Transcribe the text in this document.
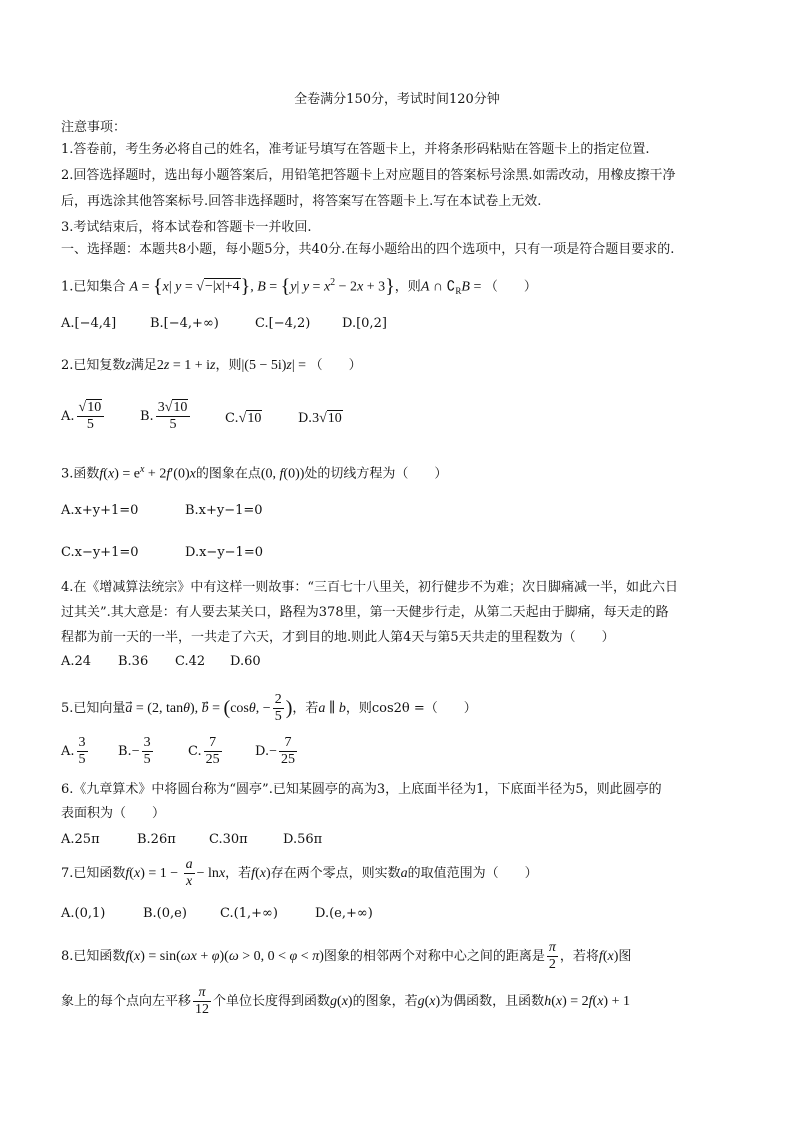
全卷满分150分，考试时间120分钟
注意事项：
1.答卷前，考生务必将自己的姓名，准考证号填写在答题卡上，并将条形码粘贴在答题卡上的指定位置.
2.回答选择题时，选出每小题答案后，用铅笔把答题卡上对应题目的答案标号涂黑.如需改动，用橡皮擦干净
后，再选涂其他答案标号.回答非选择题时，将答案写在答题卡上.写在本试卷上无效.
3.考试结束后，将本试卷和答题卡一并收回.
一、选择题：本题共8小题，每小题5分，共40分.在每小题给出的四个选项中，只有一项是符合题目要求的.
1.已知集合 A = {x| y = √−|x|+4}, B = {y| $y = x^2 - 2x + 3$}，则A ∩ $∁_RB$ = （　　）
A.[−4,4]	B.[−4,+∞)	C.[−4,2) D.[0,2]
2.已知复数z满足2z = 1 + iz，则|(5 − 5i)z| = （　　）
A. $\frac{√10}{5}$	B. $\frac{3√10}{5}$	C.√10	D.3√10
3.函数$f(x) = e^x + 2f'(0)x$的图象在点(0, f(0))处的切线方程为（　　）
A.x+y+1=0	B.x+y−1=0
C.x−y+1=0	D.x−y−1=0
4.在《增减算法统宗》中有这样一则故事：“三百七十八里关，初行健步不为难；次日脚痛减一半，如此六日
过其关”.其大意是：有人要去某关口，路程为378里，第一天健步行走，从第二天起由于脚痛，每天走的路
程都为前一天的一半，一共走了六天，才到目的地.则此人第4天与第5天共走的里程数为（　　）
A.24 B.36 C.42 D.60
5.已知向量a⃗ = (2, tanθ), b⃗ = (cosθ, − $\frac{2}{5}$ )，若a ∥ b，则cos2θ =（　　）
A. $\frac{3}{5} B.- \frac{3}{5}$	C. $\frac{7}{25}$	$D.- \frac{7}{25}$
6.《九章算术》中将圆台称为“圆亭”.已知某圆亭的高为3，上底面半径为1，下底面半径为5，则此圆亭的
表面积为（　　）
A.25π	B.26π	C.30π	D.56π
7.已知函数$f(x) = 1 - \frac{a}{x} - \ln x$，若f(x)存在两个零点，则实数a的取值范围为（　　）
A.(0,1)	B.(0,e)	C.(1,+∞)	D.(e,+∞)
8.已知函数f(x) = sin(ωx + φ)(ω > 0, 0 < φ < π)图象的相邻两个对称中心之间的距离是 $\frac{\pi}{2}$ ，若将f(x)图
象上的每个点向左平移 $\frac{\pi}{12}$ 个单位长度得到函数g(x)的图象，若g(x)为偶函数，且函数h(x) = 2f(x) + 1
